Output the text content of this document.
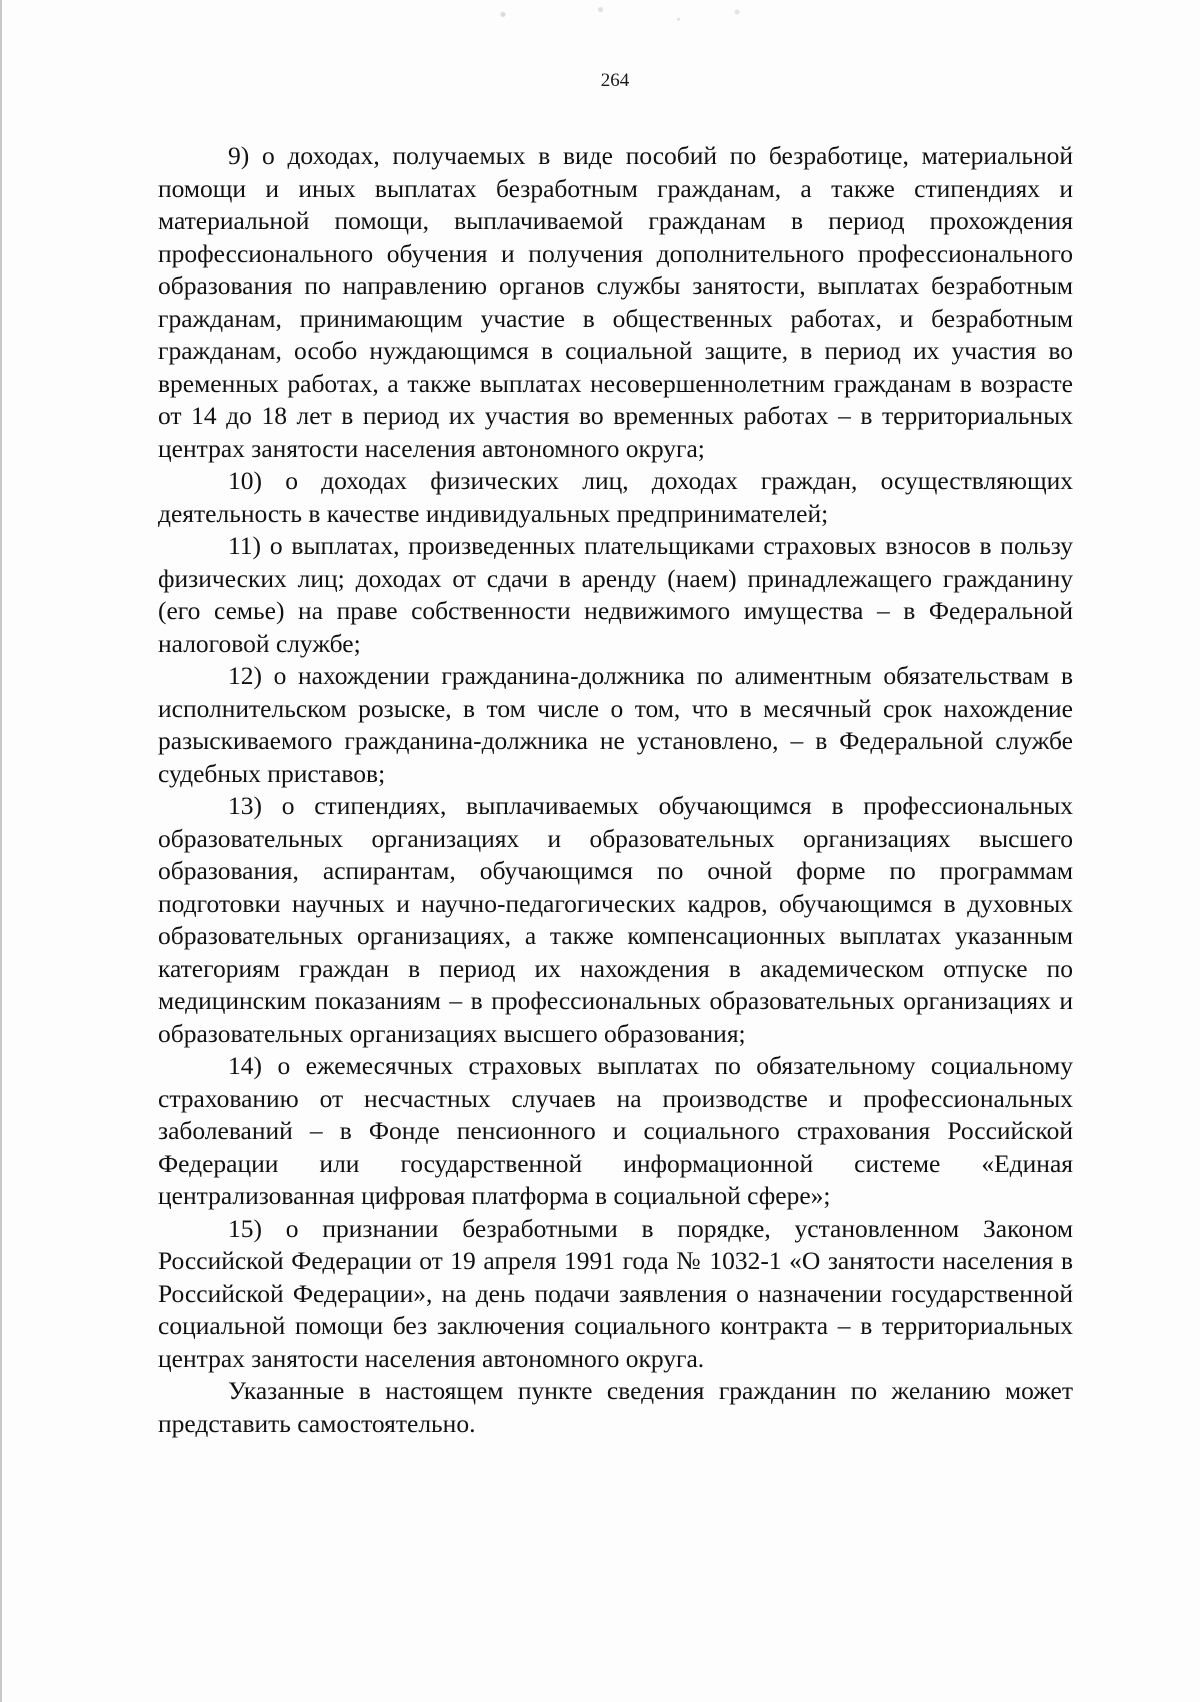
264

9) о доходах, получаемых в виде пособий по безработице, материальной помощи и иных выплатах безработным гражданам, а также стипендиях и материальной помощи, выплачиваемой гражданам в период прохождения профессионального обучения и получения дополнительного профессионального образования по направлению органов службы занятости, выплатах безработным гражданам, принимающим участие в общественных работах, и безработным гражданам, особо нуждающимся в социальной защите, в период их участия во временных работах, а также выплатах несовершеннолетним гражданам в возрасте от 14 до 18 лет в период их участия во временных работах – в территориальных центрах занятости населения автономного округа;

10) о доходах физических лиц, доходах граждан, осуществляющих деятельность в качестве индивидуальных предпринимателей;

11) о выплатах, произведенных плательщиками страховых взносов в пользу физических лиц; доходах от сдачи в аренду (наем) принадлежащего гражданину (его семье) на праве собственности недвижимого имущества – в Федеральной налоговой службе;

12) о нахождении гражданина-должника по алиментным обязательствам в исполнительском розыске, в том числе о том, что в месячный срок нахождение разыскиваемого гражданина-должника не установлено, – в Федеральной службе судебных приставов;

13) о стипендиях, выплачиваемых обучающимся в профессиональных образовательных организациях и образовательных организациях высшего образования, аспирантам, обучающимся по очной форме по программам подготовки научных и научно-педагогических кадров, обучающимся в духовных образовательных организациях, а также компенсационных выплатах указанным категориям граждан в период их нахождения в академическом отпуске по медицинским показаниям – в профессиональных образовательных организациях и образовательных организациях высшего образования;

14) о ежемесячных страховых выплатах по обязательному социальному страхованию от несчастных случаев на производстве и профессиональных заболеваний – в Фонде пенсионного и социального страхования Российской Федерации или государственной информационной системе «Единая централизованная цифровая платформа в социальной сфере»;

15) о признании безработными в порядке, установленном Законом Российской Федерации от 19 апреля 1991 года № 1032-1 «О занятости населения в Российской Федерации», на день подачи заявления о назначении государственной социальной помощи без заключения социального контракта – в территориальных центрах занятости населения автономного округа.

Указанные в настоящем пункте сведения гражданин по желанию может представить самостоятельно.
